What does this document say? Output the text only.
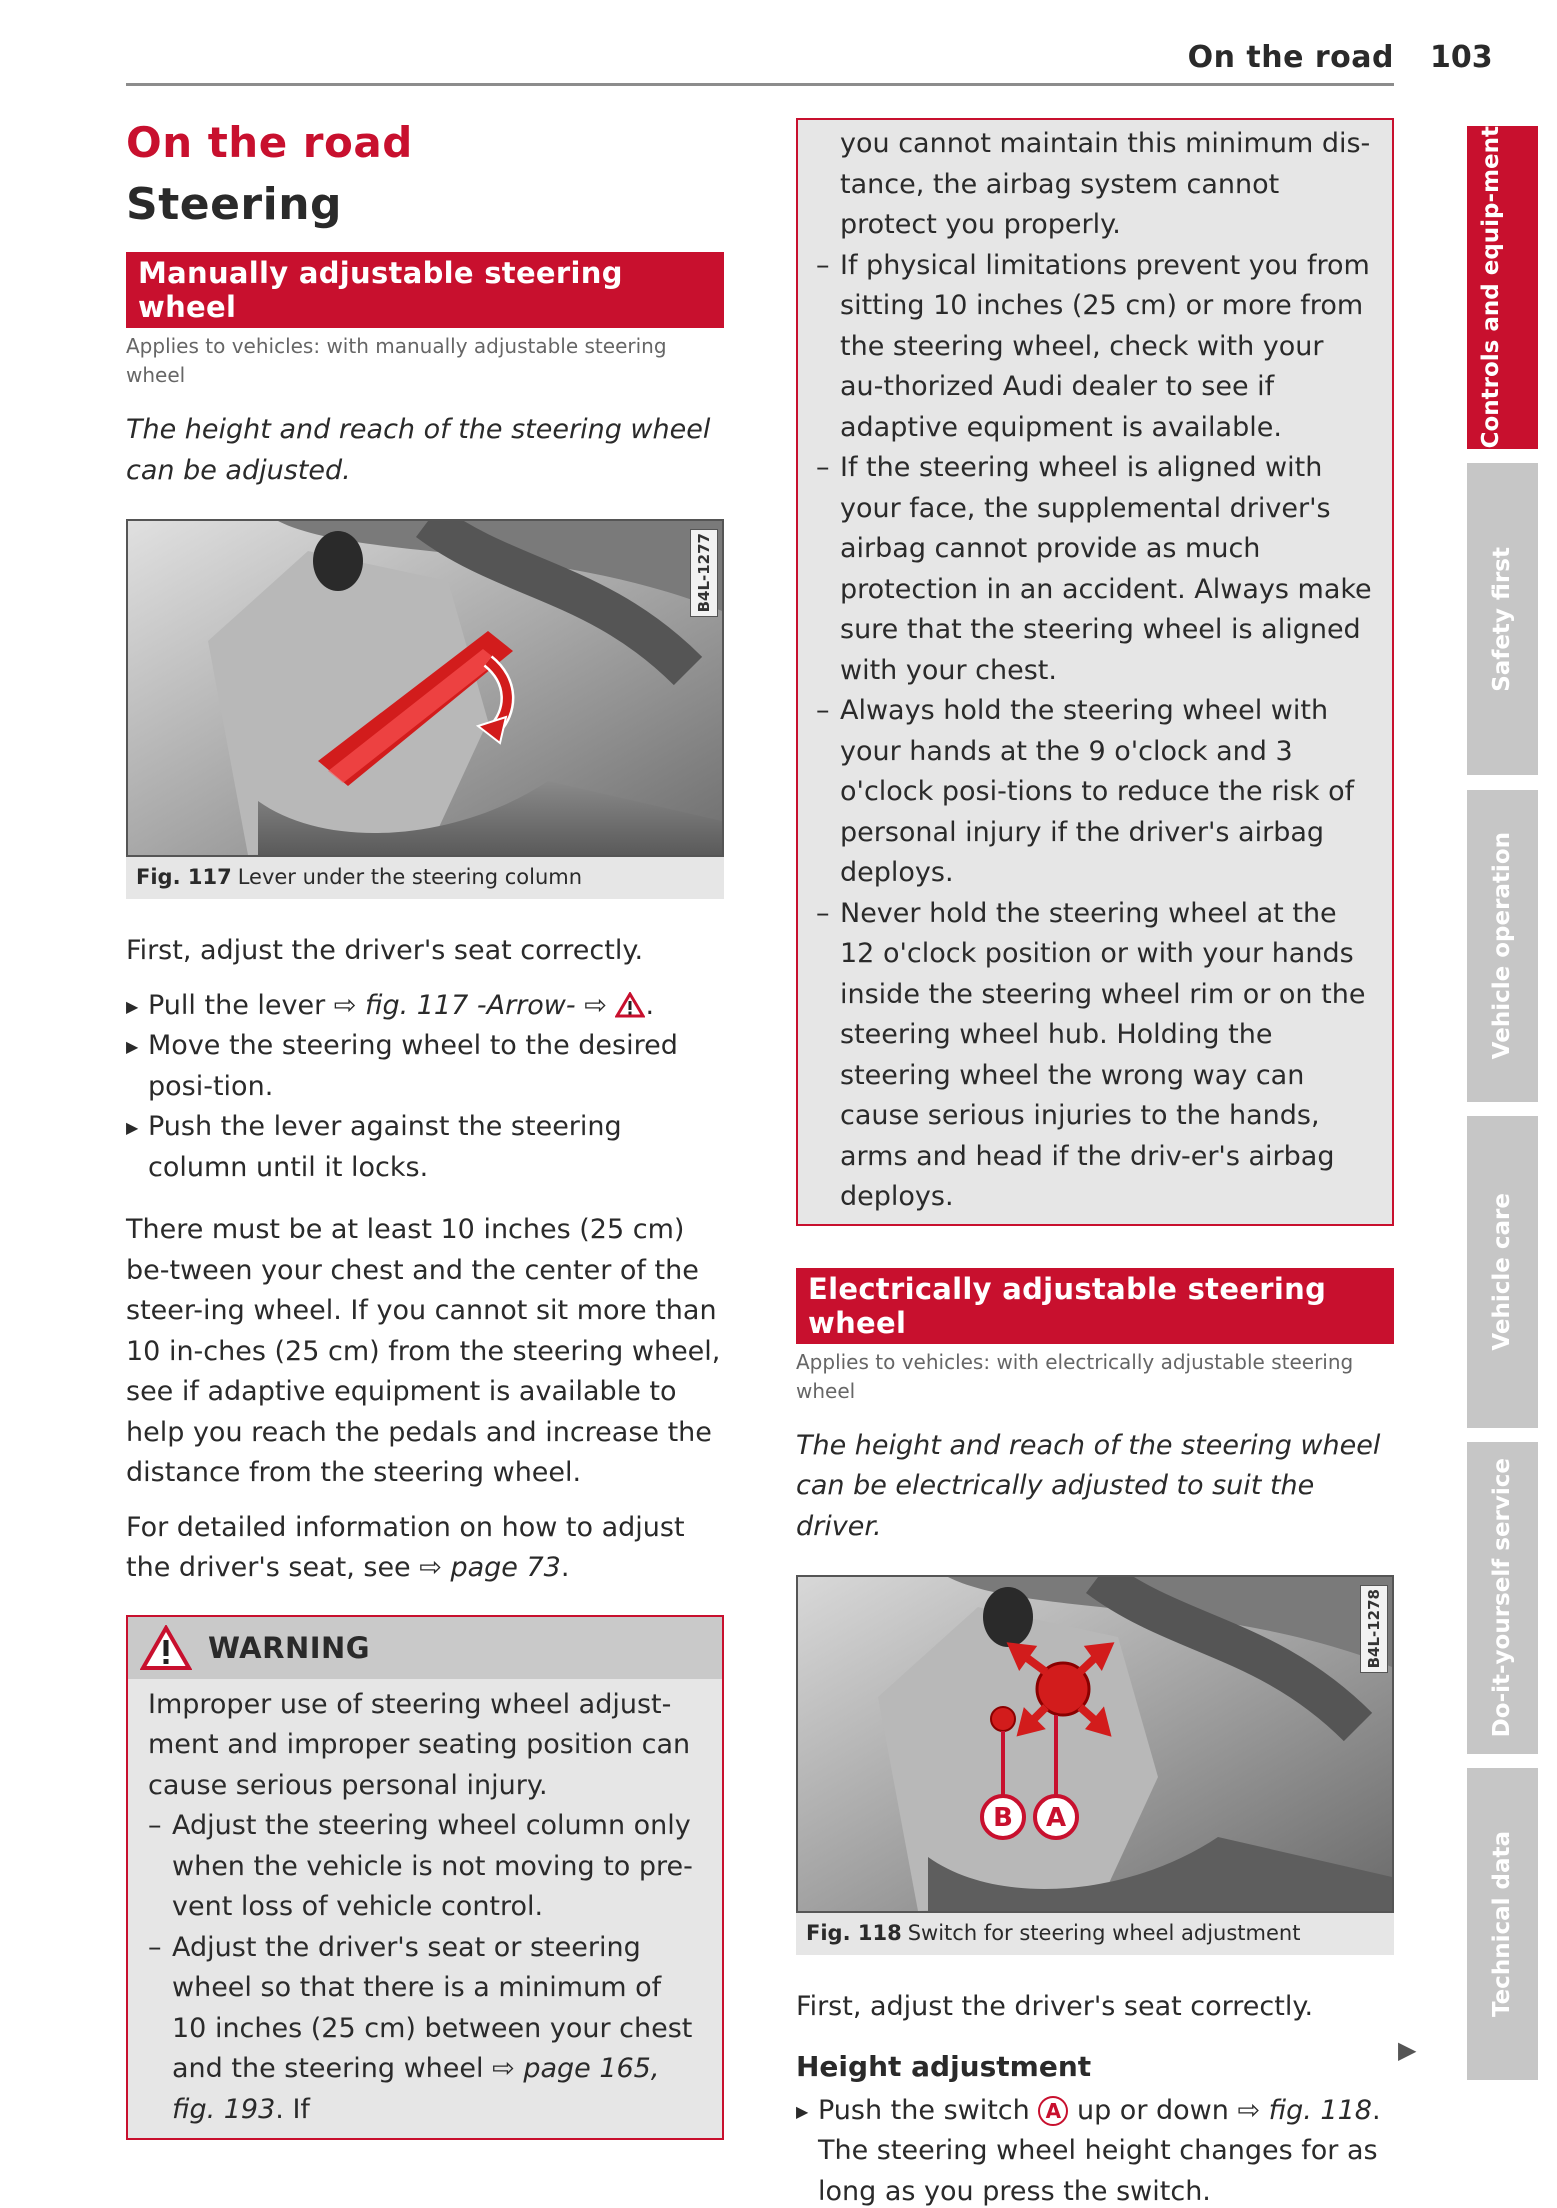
On the road 103
Controls and equip-ment
Safety first
Vehicle operation
Vehicle care
Do-it-yourself service
Technical data
On the road
Steering
Manually adjustable steering wheel
Applies to vehicles: with manually adjustable steering wheel
The height and reach of the steering wheel can be adjusted.
B4L-1277
Fig. 117 Lever under the steering column
First, adjust the driver's seat correctly.
▶ Pull the lever ⇨ fig. 117 -Arrow- ⇨ .
▶ Move the steering wheel to the desired posi-tion.
▶ Push the lever against the steering column until it locks.
There must be at least 10 inches (25 cm) be-tween your chest and the center of the steer-ing wheel. If you cannot sit more than 10 in-ches (25 cm) from the steering wheel, see if adaptive equipment is available to help you reach the pedals and increase the distance from the steering wheel.
For detailed information on how to adjust the driver's seat, see ⇨ page 73.
WARNING
Improper use of steering wheel adjust-ment and improper seating position can cause serious personal injury.
– Adjust the steering wheel column only when the vehicle is not moving to pre-vent loss of vehicle control.
– Adjust the driver's seat or steering wheel so that there is a minimum of 10 inches (25 cm) between your chest and the steering wheel ⇨ page 165, fig. 193. If
you cannot maintain this minimum dis-tance, the airbag system cannot protect you properly.
– If physical limitations prevent you from sitting 10 inches (25 cm) or more from the steering wheel, check with your au-thorized Audi dealer to see if adaptive equipment is available.
– If the steering wheel is aligned with your face, the supplemental driver's airbag cannot provide as much protection in an accident. Always make sure that the steering wheel is aligned with your chest.
– Always hold the steering wheel with your hands at the 9 o'clock and 3 o'clock posi-tions to reduce the risk of personal injury if the driver's airbag deploys.
– Never hold the steering wheel at the 12 o'clock position or with your hands inside the steering wheel rim or on the steering wheel hub. Holding the steering wheel the wrong way can cause serious injuries to the hands, arms and head if the driv-er's airbag deploys.
Electrically adjustable steering wheel
Applies to vehicles: with electrically adjustable steering wheel
The height and reach of the steering wheel can be electrically adjusted to suit the driver.
B A
B4L-1278
Fig. 118 Switch for steering wheel adjustment
First, adjust the driver's seat correctly.
Height adjustment
▶ Push the switch A up or down ⇨ fig. 118. The steering wheel height changes for as long as you press the switch.
▶
